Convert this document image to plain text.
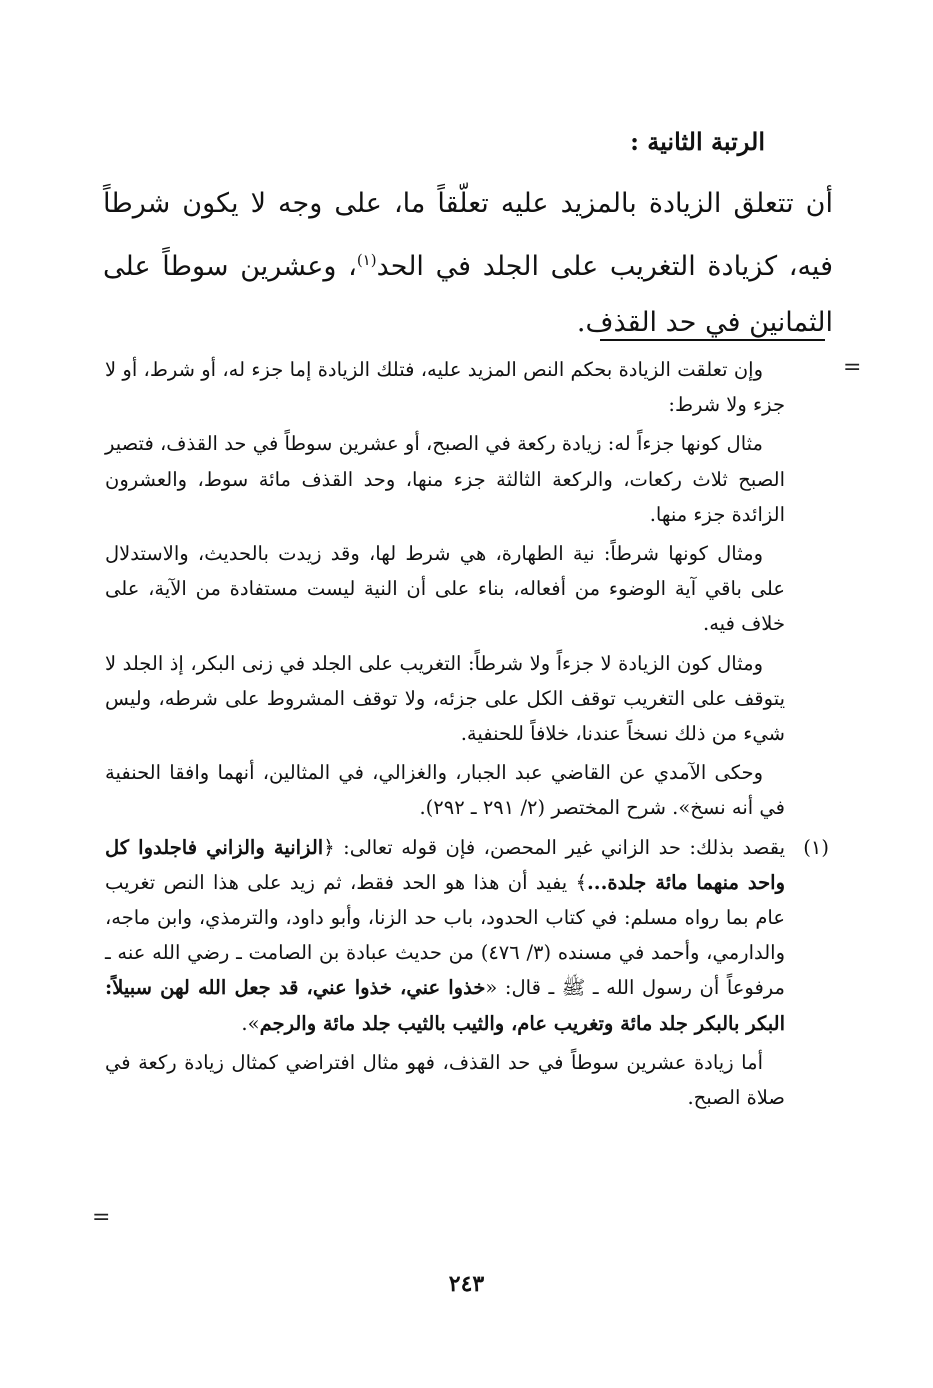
الرتبة الثانية :
أن تتعلق الزيادة بالمزيد عليه تعلّقاً ما، على وجه لا يكون شرطاً فيه، كزيادة التغريب على الجلد في الحد$^{(١)}$، وعشرين سوطاً على الثمانين في حد القذف.
=

وإن تعلقت الزيادة بحكم النص المزيد عليه، فتلك الزيادة إما جزء له، أو شرط، أو لا جزء ولا شرط:

مثال كونها جزءاً له: زيادة ركعة في الصبح، أو عشرين سوطاً في حد القذف، فتصير الصبح ثلاث ركعات، والركعة الثالثة جزء منها، وحد القذف مائة سوط، والعشرون الزائدة جزء منها.

ومثال كونها شرطاً: نية الطهارة، هي شرط لها، وقد زيدت بالحديث، والاستدلال على باقي آية الوضوء من أفعاله، بناء على أن النية ليست مستفادة من الآية، على خلاف فيه.

ومثال كون الزيادة لا جزءاً ولا شرطاً: التغريب على الجلد في زنى البكر، إذ الجلد لا يتوقف على التغريب توقف الكل على جزئه، ولا توقف المشروط على شرطه، وليس شيء من ذلك نسخاً عندنا، خلافاً للحنفية.

وحكى الآمدي عن القاضي عبد الجبار، والغزالي، في المثالين، أنهما وافقا الحنفية في أنه نسخ». شرح المختصر (٢/ ٢٩١ ـ ٢٩٢).

(١)
يقصد بذلك: حد الزاني غير المحصن، فإن قوله تعالى: ﴿الزانية والزاني فاجلدوا كل واحد منهما مائة جلدة...﴾ يفيد أن هذا هو الحد فقط، ثم زيد على هذا النص تغريب عام بما رواه مسلم: في كتاب الحدود، باب حد الزنا، وأبو داود، والترمذي، وابن ماجه، والدارمي، وأحمد في مسنده (٣/ ٤٧٦) من حديث عبادة بن الصامت ـ رضي الله عنه ـ مرفوعاً أن رسول الله ـ ﷺ ـ قال: «خذوا عني، خذوا عني، قد جعل الله لهن سبيلاً: البكر بالبكر جلد مائة وتغريب عام، والثيب بالثيب جلد مائة والرجم».

أما زيادة عشرين سوطاً في حد القذف، فهو مثال افتراضي كمثال زيادة ركعة في صلاة الصبح.

=
٢٤٣
